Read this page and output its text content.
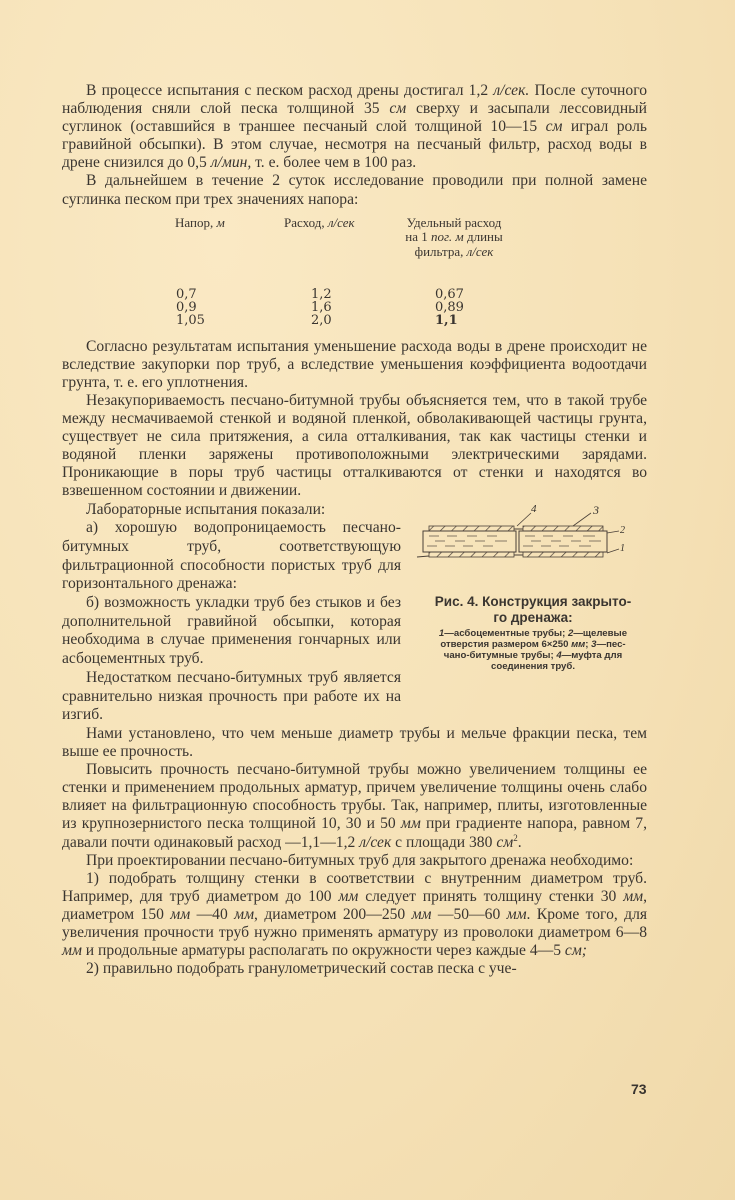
В процессе испытания с песком расход дрены достигал 1,2 л/сек. После суточного наблюдения сняли слой песка толщиной 35 см сверху и засыпали лессовидный суглинок (оставшийся в траншее песчаный слой толщиной 10—15 см играл роль гравийной обсыпки). В этом случае, несмотря на песчаный фильтр, расход воды в дрене снизился до 0,5 л/мин, т. е. более чем в 100 раз.

В дальнейшем в течение 2 суток исследование проводили при полной замене суглинка песком при трех значениях напора:

Напор, м	Расход, л/сек	Удельный расход
на 1 пог. м длины
фильтра, л/сек
0,7	1,2	0,67
0,9	1,6	0,89
1,05	2,0	1,1

Согласно результатам испытания уменьшение расхода воды в дрене происходит не вследствие закупорки пор труб, а вследствие уменьшения коэффициента водоотдачи грунта, т. е. его уплотнения.

Незакупориваемость песчано-битумной трубы объясняется тем, что в такой трубе между несмачиваемой стенкой и водяной пленкой, обволакивающей частицы грунта, существует не сила притяжения, а сила отталкивания, так как частицы стенки и водяной пленки заряжены противоположными электрическими зарядами. Проникающие в поры труб частицы отталкиваются от стенки и находятся во взвешенном состоянии и движении.

Лабораторные испытания показали:

а) хорошую водопроницаемость песчано-битумных труб, соответствующую фильтрационной способности пористых труб для горизонтального дренажа:

б) возможность укладки труб без стыков и без дополнительной гравийной обсыпки, которая необходима в случае применения гончарных или асбоцементных труб.

Недостатком песчано-битумных труб является сравнительно низкая прочность при работе их на изгиб.

4	3
2
1
Рис. 4. Конструкция закрыто-
го дренажа:
1—асбоцементные трубы; 2—щелевые
отверстия размером 6×250 мм; 3—пес-
чано-битумные трубы; 4—муфта для
соединения труб.

Нами установлено, что чем меньше диаметр трубы и мельче фракции песка, тем выше ее прочность.

Повысить прочность песчано-битумной трубы можно увеличением толщины ее стенки и применением продольных арматур, причем увеличение толщины очень слабо влияет на фильтрационную способность трубы. Так, например, плиты, изготовленные из крупнозернистого песка толщиной 10, 30 и 50 мм при градиенте напора, равном 7, давали почти одинаковый расход —1,1—1,2 л/сек с площади 380 $см^2$.

При проектировании песчано-битумных труб для закрытого дренажа необходимо:

1) подобрать толщину стенки в соответствии с внутренним диаметром труб. Например, для труб диаметром до 100 мм следует принять толщину стенки 30 мм, диаметром 150 мм —40 мм, диаметром 200—250 мм —50—60 мм. Кроме того, для увеличения прочности труб нужно применять арматуру из проволоки диаметром 6—8 мм и продольные арматуры располагать по окружности через каждые 4—5 см;

2) правильно подобрать гранулометрический состав песка с уче-

73
